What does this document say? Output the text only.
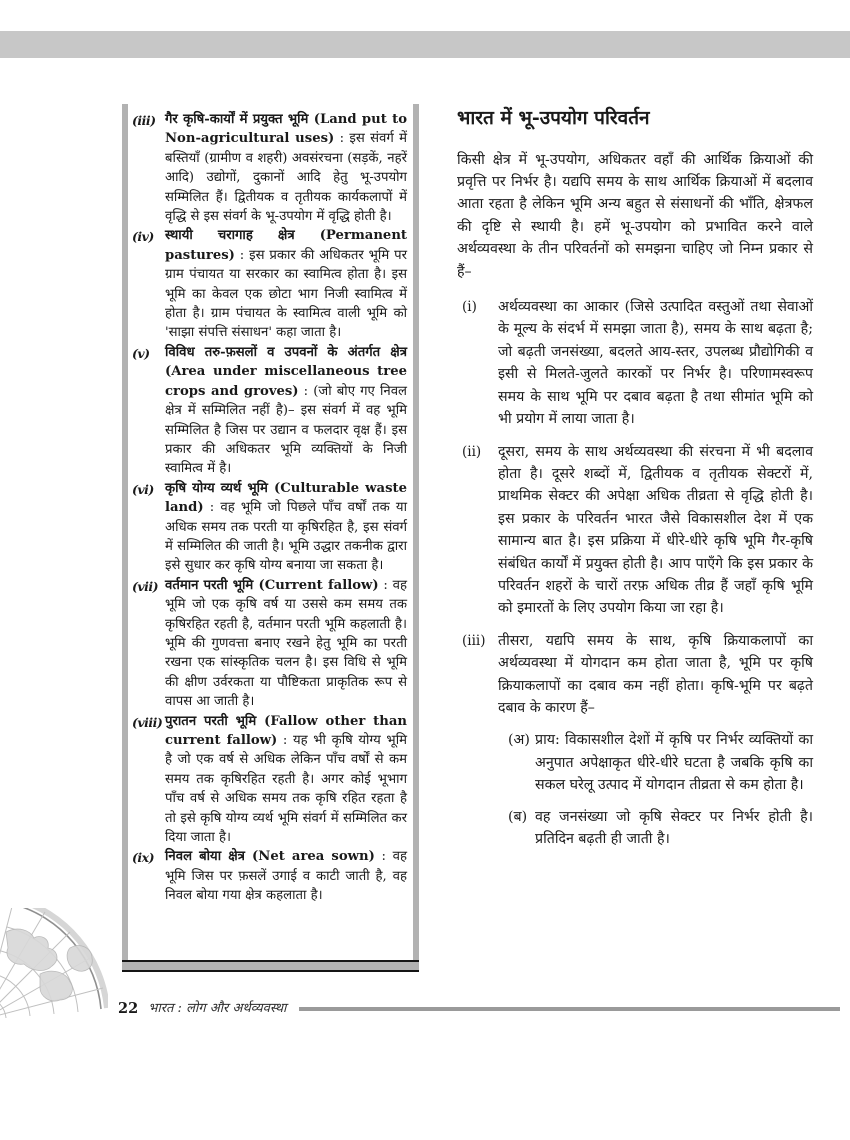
(iii) गैर कृषि-कार्यों में प्रयुक्त भूमि (Land put to Non-agricultural uses) : इस संवर्ग में बस्तियाँ (ग्रामीण व शहरी) अवसंरचना (सड़कें, नहरें आदि) उद्योगों, दुकानों आदि हेतु भू-उपयोग सम्मिलित हैं। द्वितीयक व तृतीयक कार्यकलापों में वृद्धि से इस संवर्ग के भू-उपयोग में वृद्धि होती है।
(iv) स्थायी चरागाह क्षेत्र (Permanent pastures) : इस प्रकार की अधिकतर भूमि पर ग्राम पंचायत या सरकार का स्वामित्व होता है। इस भूमि का केवल एक छोटा भाग निजी स्वामित्व में होता है। ग्राम पंचायत के स्वामित्व वाली भूमि को 'साझा संपत्ति संसाधन' कहा जाता है।
(v)	विविध तरु-फ़सलों व उपवनों के अंतर्गत क्षेत्र (Area under miscellaneous tree crops and groves) : (जो बोए गए निवल क्षेत्र में सम्मिलित नहीं है)– इस संवर्ग में वह भूमि सम्मिलित है जिस पर उद्यान व फलदार वृक्ष हैं। इस प्रकार की अधिकतर भूमि व्यक्तियों के निजी स्वामित्व में है।
(vi) कृषि योग्य व्यर्थ भूमि (Culturable waste land) : वह भूमि जो पिछले पाँच वर्षों तक या अधिक समय तक परती या कृषिरहित है, इस संवर्ग में सम्मिलित की जाती है। भूमि उद्धार तकनीक द्वारा इसे सुधार कर कृषि योग्य बनाया जा सकता है।
(vii) वर्तमान परती भूमि (Current fallow) : वह भूमि जो एक कृषि वर्ष या उससे कम समय तक कृषिरहित रहती है, वर्तमान परती भूमि कहलाती है। भूमि की गुणवत्ता बनाए रखने हेतु भूमि का परती रखना एक सांस्कृतिक चलन है। इस विधि से भूमि की क्षीण उर्वरकता या पौष्टिकता प्राकृतिक रूप से वापस आ जाती है।
(viii) पुरातन परती भूमि (Fallow other than current fallow) : यह भी कृषि योग्य भूमि है जो एक वर्ष से अधिक लेकिन पाँच वर्षों से कम समय तक कृषिरहित रहती है। अगर कोई भूभाग पाँच वर्ष से अधिक समय तक कृषि रहित रहता है तो इसे कृषि योग्य व्यर्थ भूमि संवर्ग में सम्मिलित कर दिया जाता है।
(ix) निवल बोया क्षेत्र (Net area sown) : वह भूमि जिस पर फ़सलें उगाई व काटी जाती है, वह निवल बोया गया क्षेत्र कहलाता है।
भारत में भू-उपयोग परिवर्तन

किसी क्षेत्र में भू-उपयोग, अधिकतर वहाँ की आर्थिक क्रियाओं की प्रवृत्ति पर निर्भर है। यद्यपि समय के साथ आर्थिक क्रियाओं में बदलाव आता रहता है लेकिन भूमि अन्य बहुत से संसाधनों की भाँति, क्षेत्रफल की दृष्टि से स्थायी है। हमें भू-उपयोग को प्रभावित करने वाले अर्थव्यवस्था के तीन परिवर्तनों को समझना चाहिए जो निम्न प्रकार से हैं–

(i)	अर्थव्यवस्था का आकार (जिसे उत्पादित वस्तुओं तथा सेवाओं के मूल्य के संदर्भ में समझा जाता है), समय के साथ बढ़ता है; जो बढ़ती जनसंख्या, बदलते आय-स्तर, उपलब्ध प्रौद्योगिकी व इसी से मिलते-जुलते कारकों पर निर्भर है। परिणामस्वरूप समय के साथ भूमि पर दबाव बढ़ता है तथा सीमांत भूमि को भी प्रयोग में लाया जाता है।
(ii)	दूसरा, समय के साथ अर्थव्यवस्था की संरचना में भी बदलाव होता है। दूसरे शब्दों में, द्वितीयक व तृतीयक सेक्टरों में, प्राथमिक सेक्टर की अपेक्षा अधिक तीव्रता से वृद्धि होती है। इस प्रकार के परिवर्तन भारत जैसे विकासशील देश में एक सामान्य बात है। इस प्रक्रिया में धीरे-धीरे कृषि भूमि गैर-कृषि संबंधित कार्यों में प्रयुक्त होती है। आप पाएँगे कि इस प्रकार के परिवर्तन शहरों के चारों तरफ़ अधिक तीव्र हैं जहाँ कृषि भूमि को इमारतों के लिए उपयोग किया जा रहा है।
(iii) तीसरा, यद्यपि समय के साथ, कृषि क्रियाकलापों का अर्थव्यवस्था में योगदान कम होता जाता है, भूमि पर कृषि क्रियाकलापों का दबाव कम नहीं होता। कृषि-भूमि पर बढ़ते दबाव के कारण हैं–
(अ) प्राय: विकासशील देशों में कृषि पर निर्भर व्यक्तियों का अनुपात अपेक्षाकृत धीरे-धीरे घटता है जबकि कृषि का सकल घरेलू उत्पाद में योगदान तीव्रता से कम होता है।
(ब) वह जनसंख्या जो कृषि सेक्टर पर निर्भर होती है। प्रतिदिन बढ़ती ही जाती है।
22 भारत : लोग और अर्थव्यवस्था
